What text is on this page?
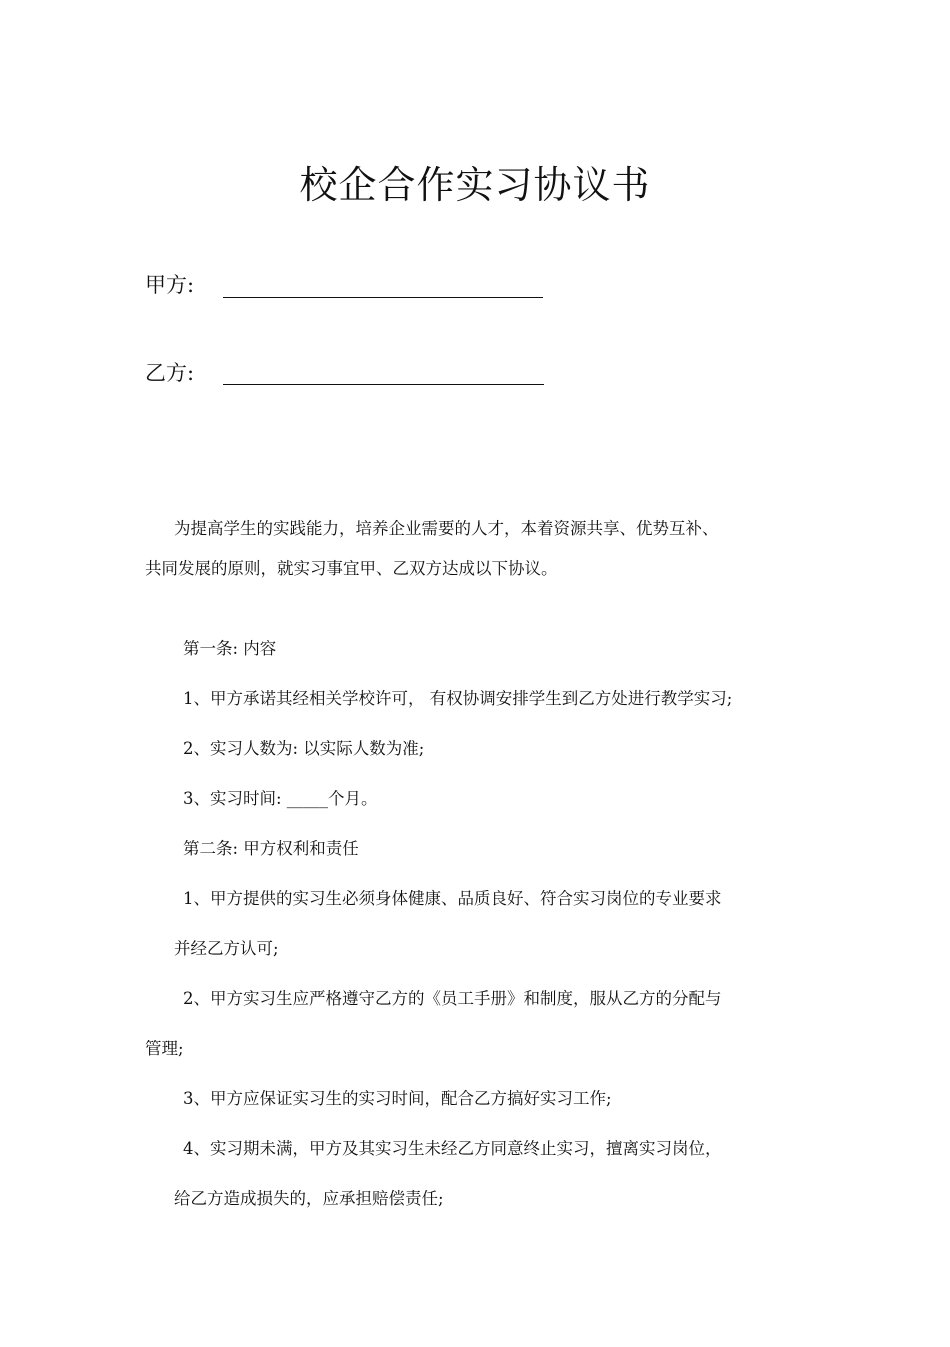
校企合作实习协议书
甲方:
乙方:
为提高学生的实践能力，培养企业需要的人才，本着资源共享、优势互补、
共同发展的原则，就实习事宜甲、乙双方达成以下协议。
第一条: 内容
1、甲方承诺其经相关学校许可， 有权协调安排学生到乙方处进行教学实习;
2、实习人数为: 以实际人数为准;
3、实习时间: _____个月。
第二条: 甲方权利和责任
1、甲方提供的实习生必须身体健康、品质良好、符合实习岗位的专业要求
并经乙方认可;
2、甲方实习生应严格遵守乙方的《员工手册》和制度，服从乙方的分配与
管理;
3、甲方应保证实习生的实习时间，配合乙方搞好实习工作;
4、实习期未满，甲方及其实习生未经乙方同意终止实习，擅离实习岗位，
给乙方造成损失的，应承担赔偿责任;
